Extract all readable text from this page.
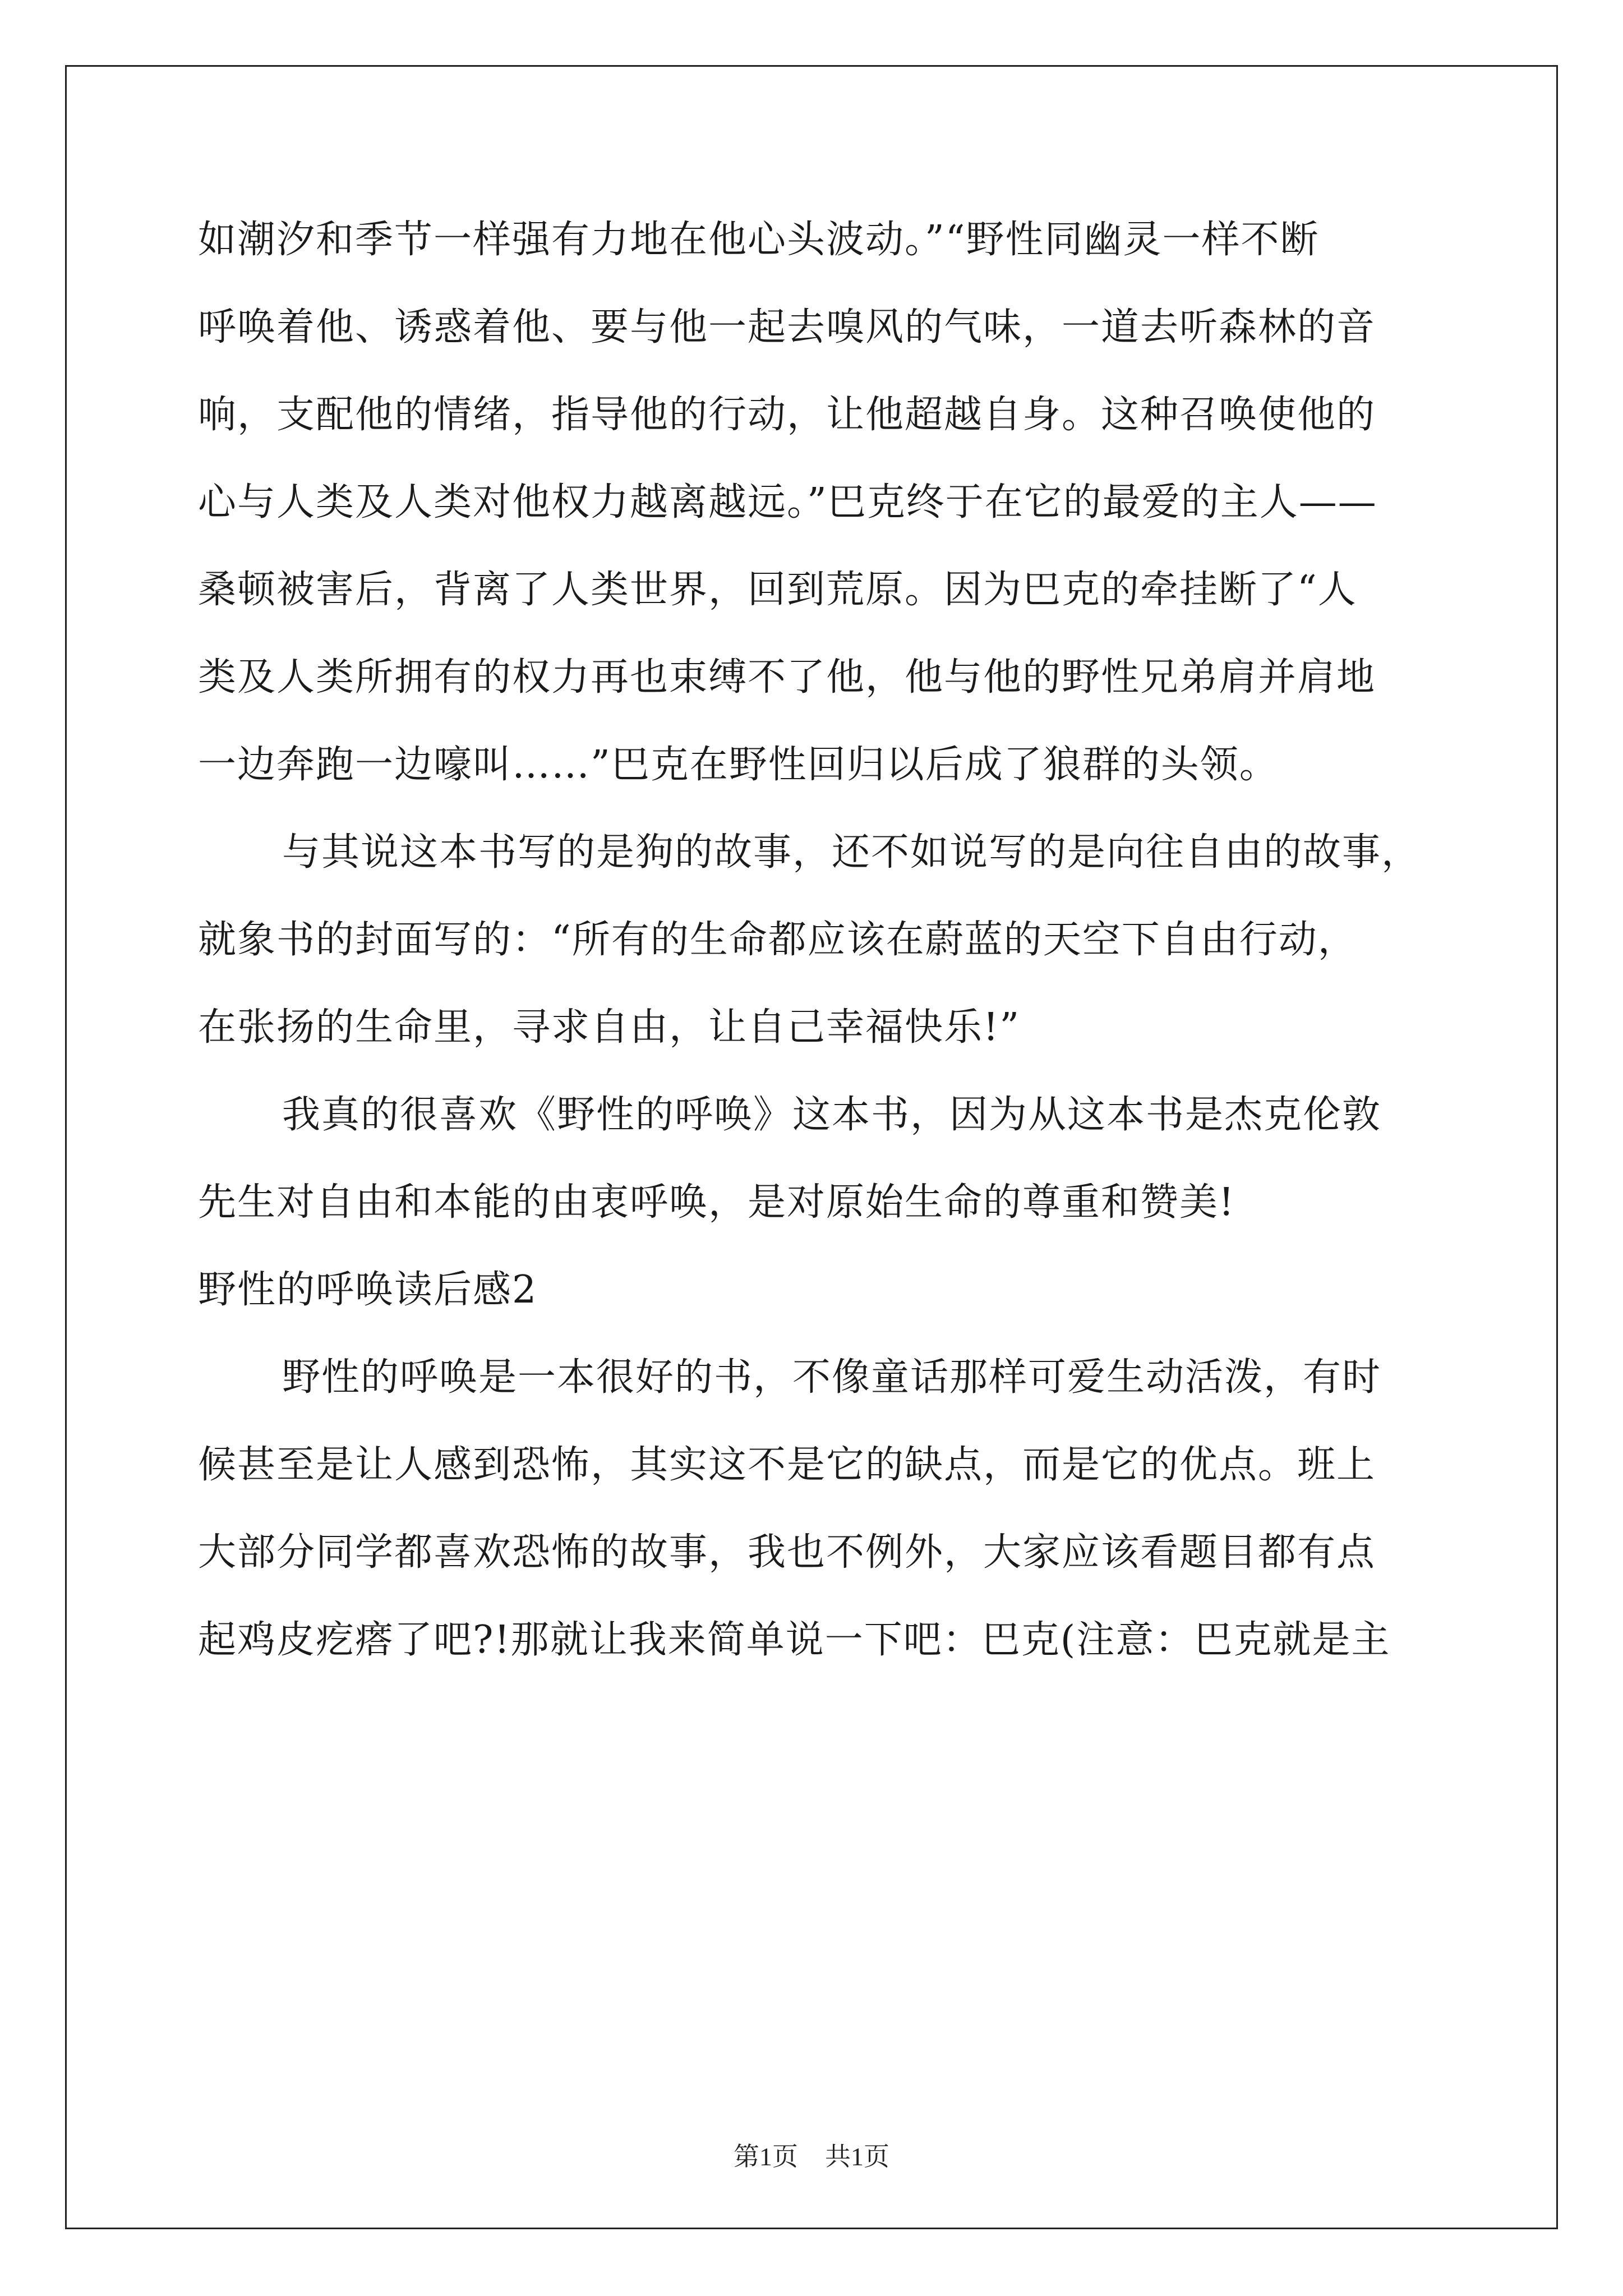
如潮汐和季节一样强有力地在他心头波动。”“野性同幽灵一样不断
呼唤着他、诱惑着他、要与他一起去嗅风的气味，一道去听森林的音
响，支配他的情绪，指导他的行动，让他超越自身。这种召唤使他的
心与人类及人类对他权力越离越远。”巴克终于在它的最爱的主人——
桑顿被害后，背离了人类世界，回到荒原。因为巴克的牵挂断了“人
类及人类所拥有的权力再也束缚不了他，他与他的野性兄弟肩并肩地
一边奔跑一边嚎叫……”巴克在野性回归以后成了狼群的头领。
与其说这本书写的是狗的故事，还不如说写的是向往自由的故事，
就象书的封面写的：“所有的生命都应该在蔚蓝的天空下自由行动，
在张扬的生命里，寻求自由，让自己幸福快乐!”
我真的很喜欢《野性的呼唤》这本书，因为从这本书是杰克伦敦
先生对自由和本能的由衷呼唤，是对原始生命的尊重和赞美!
野性的呼唤读后感2
野性的呼唤是一本很好的书，不像童话那样可爱生动活泼，有时
候甚至是让人感到恐怖，其实这不是它的缺点，而是它的优点。班上
大部分同学都喜欢恐怖的故事，我也不例外，大家应该看题目都有点
起鸡皮疙瘩了吧?!那就让我来简单说一下吧：巴克(注意：巴克就是主
第1页 共1页
